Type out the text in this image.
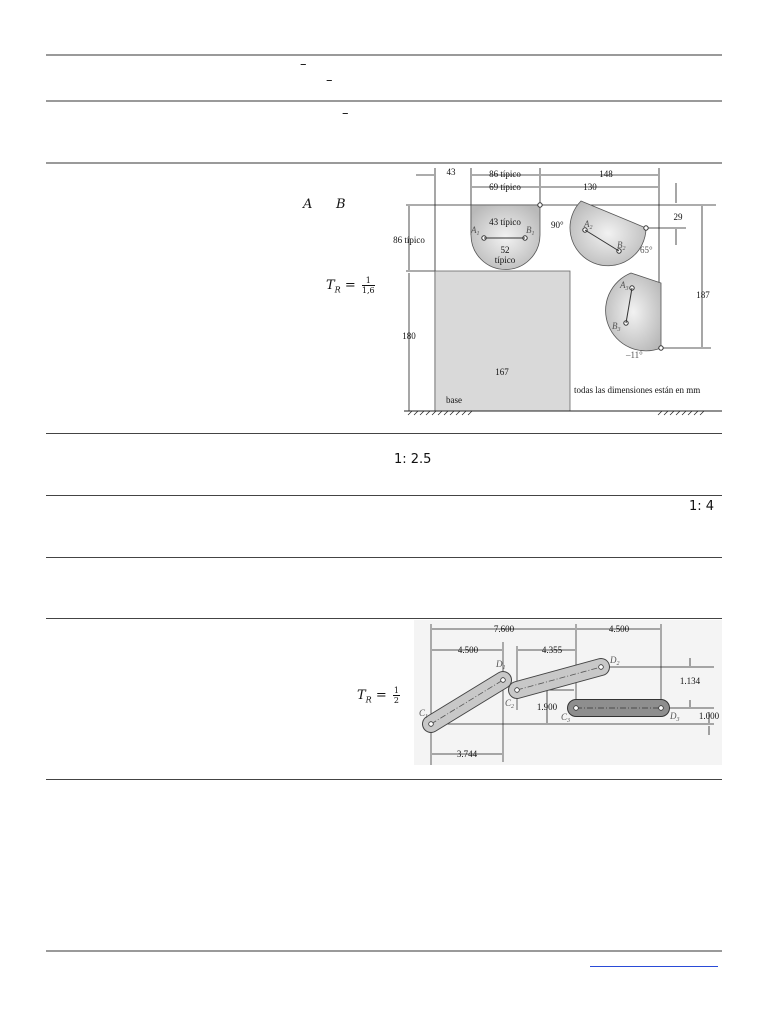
–
–
–
A B
$T_R = \frac{1}{1,6}$
43	86 típico	148
69 típico	130
43 típico
52
típico
86 típico
180
167
29
187
90°
65°
–11°
base
todas las dimensiones están en mm
$A_1$	$B_1$
$A_2$
$B_2$
$A_3$
$B_3$
1: 2.5
1: 4
$T_R = \frac{1}{2}$
7.600	4.500
4.500	4.355
1.134
1.900
1.000
3.744
$C_1$
$D_1$
$C_2$
$D_2$
$C_3$	$D_3$
